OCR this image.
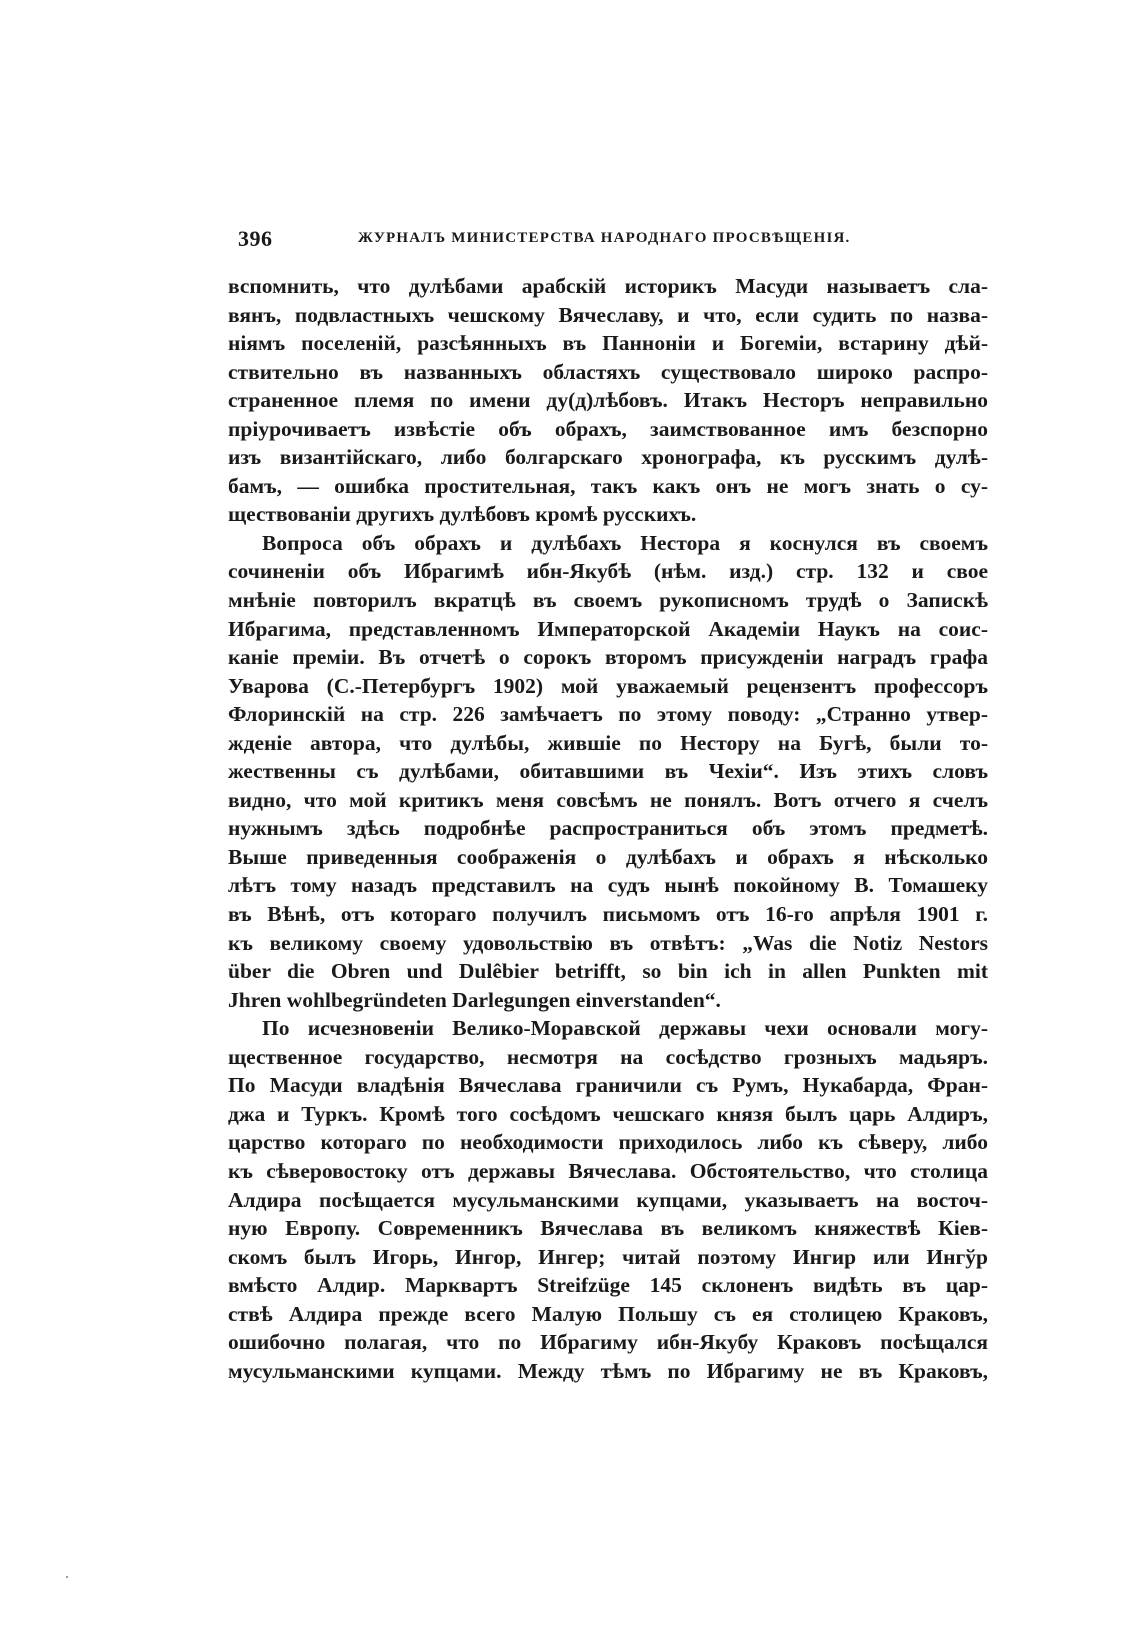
396	ЖУРНАЛЪ МИНИСТЕРСТВА НАРОДНАГО ПРОСВѢЩЕНІЯ.
вспомнить, что дулѣбами арабскій историкъ Масуди называетъ сла-
вянъ, подвластныхъ чешскому Вячеславу, и что, если судить по назва-
ніямъ поселеній, разсѣянныхъ въ Панноніи и Богеміи, встарину дѣй-
ствительно въ названныхъ областяхъ существовало широко распро-
страненное племя по имени ду(д)лѣбовъ. Итакъ Несторъ неправильно
пріурочиваетъ извѣстіе объ обрахъ, заимствованное имъ безспорно
изъ византійскаго, либо болгарскаго хронографа, къ русскимъ дулѣ-
бамъ, — ошибка простительная, такъ какъ онъ не могъ знать о су-
ществованіи другихъ дулѣбовъ кромѣ русскихъ.
Вопроса объ обрахъ и дулѣбахъ Нестора я коснулся въ своемъ
сочиненіи объ Ибрагимѣ ибн-Якубѣ (нѣм. изд.) стр. 132 и свое
мнѣніе повторилъ вкратцѣ въ своемъ рукописномъ трудѣ о Запискѣ
Ибрагима, представленномъ Императорской Академіи Наукъ на соис-
каніе преміи. Въ отчетѣ о сорокъ второмъ присужденіи наградъ графа
Уварова (С.-Петербургъ 1902) мой уважаемый рецензентъ профессоръ
Флоринскій на стр. 226 замѣчаетъ по этому поводу: „Странно утвер-
жденіе автора, что дулѣбы, жившіе по Нестору на Бугѣ, были то-
жественны съ дулѣбами, обитавшими въ Чехіи“. Изъ этихъ словъ
видно, что мой критикъ меня совсѣмъ не понялъ. Вотъ отчего я счелъ
нужнымъ здѣсь подробнѣе распространиться объ этомъ предметѣ.
Выше приведенныя соображенія о дулѣбахъ и обрахъ я нѣсколько
лѣтъ тому назадъ представилъ на судъ нынѣ покойному В. Томашеку
въ Вѣнѣ, отъ котораго получилъ письмомъ отъ 16-го апрѣля 1901 г.
къ великому своему удовольствію въ отвѣтъ: „Was die Notiz Nestors
über die Obren und Dulêbier betrifft, so bin ich in allen Punkten mit
Jhren wohlbegründeten Darlegungen einverstanden“.
По исчезновеніи Велико-Моравской державы чехи основали могу-
щественное государство, несмотря на сосѣдство грозныхъ мадьяръ.
По Масуди владѣнія Вячеслава граничили съ Румъ, Нукабарда, Фран-
джа и Туркъ. Кромѣ того сосѣдомъ чешскаго князя былъ царь Алдиръ,
царство котораго по необходимости приходилось либо къ сѣверу, либо
къ сѣверовостоку отъ державы Вячеслава. Обстоятельство, что столица
Алдира посѣщается мусульманскими купцами, указываетъ на восточ-
ную Европу. Современникъ Вячеслава въ великомъ княжествѣ Кіев-
скомъ былъ Игорь, Ингор, Ингер; читай поэтому Ингир или Ингўр
вмѣсто Алдир. Марквартъ Streifzüge 145 склоненъ видѣть въ цар-
ствѣ Алдира прежде всего Малую Польшу съ ея столицею Краковъ,
ошибочно полагая, что по Ибрагиму ибн-Якубу Краковъ посѣщался
мусульманскими купцами. Между тѣмъ по Ибрагиму не въ Краковъ,
